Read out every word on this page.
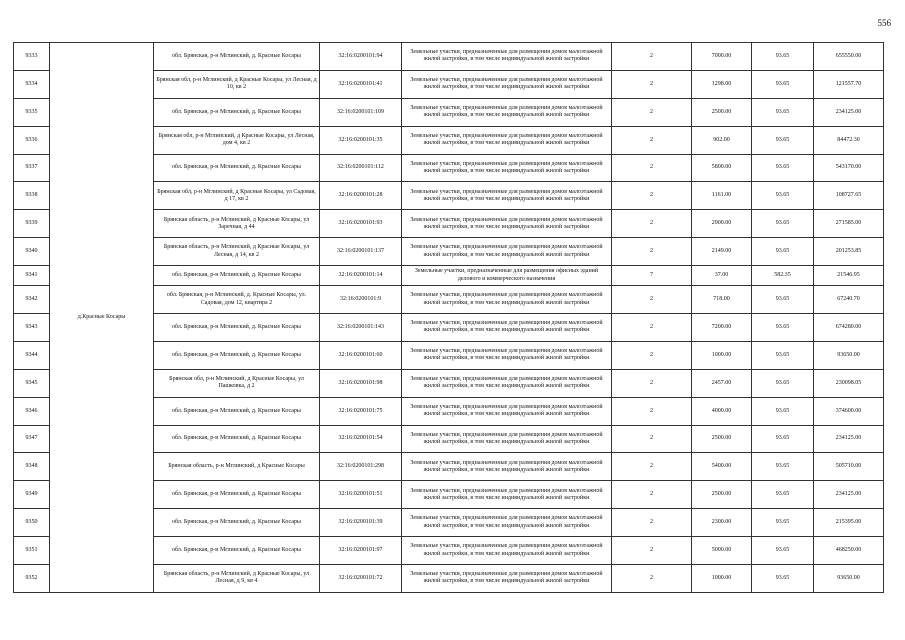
556
9333	д.Красные Косары	обл. Брянская, р-н Мглинский, д. Красные Косары	32:16:0200101:94	Земельные участки, предназначенные для размещения домов малоэтажной жилой застройки, в том числе индивидуальной жилой застройки	2	7000.00	93.65	655550.00
9334		Брянская обл, р-н Мглинский, д Красные Косары, ул Лесная, д 10, кв 2	32:16:0200101:41	Земельные участки, предназначенные для размещения домов малоэтажной жилой застройки, в том числе индивидуальной жилой застройки	2	1298.00	93.65	121557.70
9335		обл. Брянская, р-н Мглинский, д. Красные Косары	32:16:0200101:109	Земельные участки, предназначенные для размещения домов малоэтажной жилой застройки, в том числе индивидуальной жилой застройки	2	2500.00	93.65	234125.00
9336		Брянская обл, р-н Мглинский, д Красные Косары, ул Лесная, дом 4, кв 2	32:16:0200101:35	Земельные участки, предназначенные для размещения домов малоэтажной жилой застройки, в том числе индивидуальной жилой застройки	2	902.00	93.65	84472.30
9337		обл. Брянская, р-н Мглинский, д. Красные Косары	32:16:0200101:112	Земельные участки, предназначенные для размещения домов малоэтажной жилой застройки, в том числе индивидуальной жилой застройки	2	5800.00	93.65	543170.00
9338		Брянская обл, р-н Мглинский, д Красные Косары, ул Садовая, д 17, кв 2	32:16:0200101:28	Земельные участки, предназначенные для размещения домов малоэтажной жилой застройки, в том числе индивидуальной жилой застройки	2	1161.00	93.65	108727.65
9339		Брянская область, р-н Мглинский, д Красные Косары, ул Заречная, д 44	32:16:0200101:93	Земельные участки, предназначенные для размещения домов малоэтажной жилой застройки, в том числе индивидуальной жилой застройки	2	2900.00	93.65	271585.00
9340		Брянская область, р-н Мглинский, д Красные Косары, ул Лесная, д 14, кв 2	32:16:0200101:137	Земельные участки, предназначенные для размещения домов малоэтажной жилой застройки, в том числе индивидуальной жилой застройки	2	2149.00	93.65	201253.85
9341		обл. Брянская, р-н Мглинский, д. Красные Косары	32:16:0200101:14	Земельные участки, предназначенные для размещения офисных зданий делового и коммерческого назначения	7	37.00	582.35	21546.95
9342		обл. Брянская, р-н Мглинский, д. Красные Косары, ул. Садовая, дом 12, квартира 2	32:16:0200101:9	Земельные участки, предназначенные для размещения домов малоэтажной жилой застройки, в том числе индивидуальной жилой застройки	2	718.00	93.65	67240.70
9343		обл. Брянская, р-н Мглинский, д. Красные Косары	32:16:0200101:143	Земельные участки, предназначенные для размещения домов малоэтажной жилой застройки, в том числе индивидуальной жилой застройки	2	7200.00	93.65	674280.00
9344		обл. Брянская, р-н Мглинский, д. Красные Косары	32:16:0200101:60	Земельные участки, предназначенные для размещения домов малоэтажной жилой застройки, в том числе индивидуальной жилой застройки	2	1000.00	93.65	93650.00
9345		Брянская обл, р-н Мглинский, д Красные Косары, ул Пашковка, д 2	32:16:0200101:98	Земельные участки, предназначенные для размещения домов малоэтажной жилой застройки, в том числе индивидуальной жилой застройки	2	2457.00	93.65	230098.05
9346		обл. Брянская, р-н Мглинский, д. Красные Косары	32:16:0200101:75	Земельные участки, предназначенные для размещения домов малоэтажной жилой застройки, в том числе индивидуальной жилой застройки	2	4000.00	93.65	374600.00
9347		обл. Брянская, р-н Мглинский, д. Красные Косары	32:16:0200101:54	Земельные участки, предназначенные для размещения домов малоэтажной жилой застройки, в том числе индивидуальной жилой застройки	2	2500.00	93.65	234125.00
9348		Брянская область, р-н Мглинский, д Красные Косары	32:16:0200101:298	Земельные участки, предназначенные для размещения домов малоэтажной жилой застройки, в том числе индивидуальной жилой застройки	2	5400.00	93.65	505710.00
9349		обл. Брянская, р-н Мглинский, д. Красные Косары	32:16:0200101:51	Земельные участки, предназначенные для размещения домов малоэтажной жилой застройки, в том числе индивидуальной жилой застройки	2	2500.00	93.65	234125.00
9350		обл. Брянская, р-н Мглинский, д. Красные Косары	32:16:0200101:39	Земельные участки, предназначенные для размещения домов малоэтажной жилой застройки, в том числе индивидуальной жилой застройки	2	2300.00	93.65	215395.00
9351		обл. Брянская, р-н Мглинский, д. Красные Косары	32:16:0200101:97	Земельные участки, предназначенные для размещения домов малоэтажной жилой застройки, в том числе индивидуальной жилой застройки	2	5000.00	93.65	468250.00
9352		Брянская область, р-н Мглинский, д Красные Косары, ул Лесная, д 9, кв 4	32:16:0200101:72	Земельные участки, предназначенные для размещения домов малоэтажной жилой застройки, в том числе индивидуальной жилой застройки	2	1000.00	93.65	93650.00
